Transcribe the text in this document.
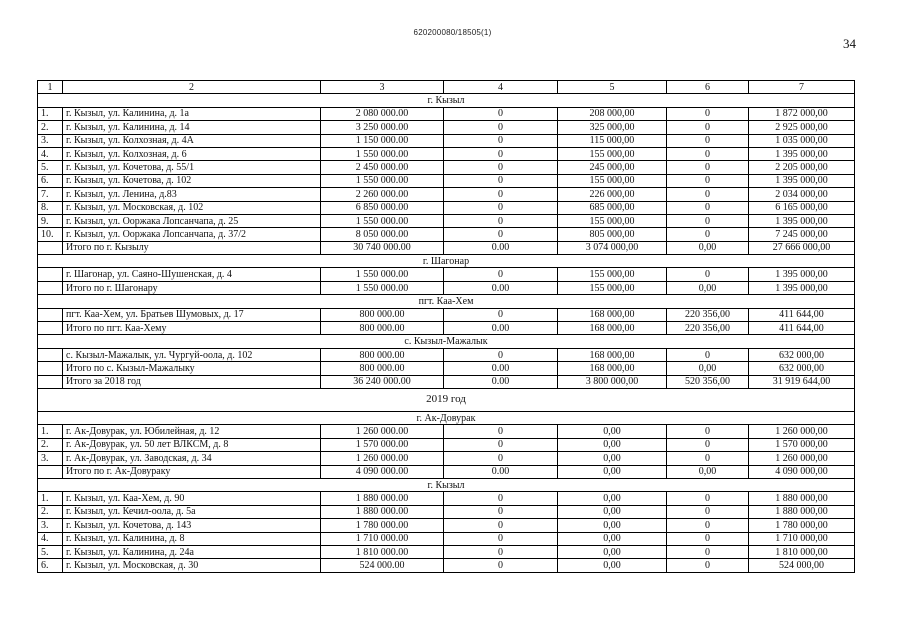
620200080/18505(1)
34
1	2	3	4	5	6	7
г. Кызыл						
1.	г. Кызыл, ул. Калинина, д. 1а	2 080 000.00	0	208 000,00	0	1 872 000,00
2.	г. Кызыл, ул. Калинина, д. 14	3 250 000.00	0	325 000,00	0	2 925 000,00
3.	г. Кызыл, ул. Колхозная, д. 4А	1 150 000.00	0	115 000,00	0	1 035 000,00
4.	г. Кызыл, ул. Колхозная, д. 6	1 550 000.00	0	155 000,00	0	1 395 000,00
5.	г. Кызыл, ул. Кочетова, д. 55/1	2 450 000.00	0	245 000,00	0	2 205 000,00
6.	г. Кызыл, ул. Кочетова, д. 102	1 550 000.00	0	155 000,00	0	1 395 000,00
7.	г. Кызыл, ул. Ленина, д.83	2 260 000.00	0	226 000,00	0	2 034 000,00
8.	г. Кызыл, ул. Московская, д. 102	6 850 000.00	0	685 000,00	0	6 165 000,00
9.	г. Кызыл, ул. Ооржака Лопсанчапа, д. 25	1 550 000.00	0	155 000,00	0	1 395 000,00
10.	г. Кызыл, ул. Ооржака Лопсанчапа, д. 37/2	8 050 000.00	0	805 000,00	0	7 245 000,00
	Итого по г. Кызылу	30 740 000.00	0.00	3 074 000,00	0,00	27 666 000,00
г. Шагонар						
	г. Шагонар, ул. Саяно-Шушенская, д. 4	1 550 000.00	0	155 000,00	0	1 395 000,00
	Итого по г. Шагонару	1 550 000.00	0.00	155 000,00	0,00	1 395 000,00
пгт. Каа-Хем						
	пгт. Каа-Хем, ул. Братьев Шумовых, д. 17	800 000.00	0	168 000,00	220 356,00	411 644,00
	Итого по пгт. Каа-Хему	800 000.00	0.00	168 000,00	220 356,00	411 644,00
с. Кызыл-Мажалык						
	с. Кызыл-Мажалык, ул. Чургуй-оола, д. 102	800 000.00	0	168 000,00	0	632 000,00
	Итого по с. Кызыл-Мажалыку	800 000.00	0.00	168 000,00	0,00	632 000,00
	Итого за 2018 год	36 240 000.00	0.00	3 800 000,00	520 356,00	31 919 644,00
2019 год						
г. Ак-Довурак						
1.	г. Ак-Довурак, ул. Юбилейная, д. 12	1 260 000.00	0	0,00	0	1 260 000,00
2.	г. Ак-Довурак, ул. 50 лет ВЛКСМ, д. 8	1 570 000.00	0	0,00	0	1 570 000,00
3.	г. Ак-Довурак, ул. Заводская, д. 34	1 260 000.00	0	0,00	0	1 260 000,00
	Итого по г. Ак-Довураку	4 090 000.00	0.00	0,00	0,00	4 090 000,00
г. Кызыл						
1.	г. Кызыл, ул. Каа-Хем, д. 90	1 880 000.00	0	0,00	0	1 880 000,00
2.	г. Кызыл, ул. Кечил-оола, д. 5а	1 880 000.00	0	0,00	0	1 880 000,00
3.	г. Кызыл, ул. Кочетова, д. 143	1 780 000.00	0	0,00	0	1 780 000,00
4.	г. Кызыл, ул. Калинина, д. 8	1 710 000.00	0	0,00	0	1 710 000,00
5.	г. Кызыл, ул. Калинина, д. 24а	1 810 000.00	0	0,00	0	1 810 000,00
6.	г. Кызыл, ул. Московская, д. 30	524 000.00	0	0,00	0	524 000,00
